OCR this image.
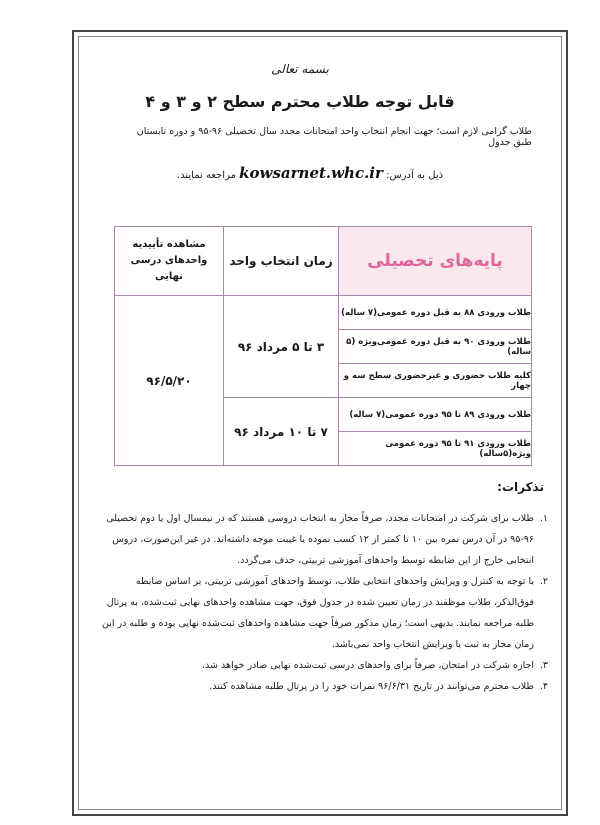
بسمه تعالی
قابل توجه طلاب محترم سطح ۲ و ۳ و ۴
طلاب گرامی لازم است؛ جهت انجام انتخاب واحد امتحانات مجدد سال تحصیلی ۹۶-۹۵ و دوره تابستان طبق جدول
ذیل به آدرس: kowsarnet.whc.ir مراجعه نمایند.
مشاهده تأییدیه واحدهای درسی نهایی	زمان انتخاب واحد	پایه‌های تحصیلی
۹۶/۵/۲۰	۳ تا ۵ مرداد ۹۶	طلاب ورودی ۸۸ به قبل دوره عمومی(۷ ساله)
		طلاب ورودی ۹۰ به قبل دوره عمومی‌ویژه (۵ ساله)
		کلیه طلاب حضوری و غیرحضوری سطح سه و چهار
	۷ تا ۱۰ مرداد ۹۶	طلاب ورودی ۸۹ تا ۹۵ دوره عمومی(۷ ساله)
		طلاب ورودی ۹۱ تا ۹۵ دوره عمومی ویژه(۵ساله)
تذکرات:
۱.
طلاب برای شرکت در امتحانات مجدد، صرفاً مجاز به انتخاب دروسی هستند که در نیمسال اول یا دوم تحصیلی ۹۶-۹۵ در آن درس نمره بین ۱۰ تا کمتر از ۱۲ کسب نموده یا غیبت موجه داشته‌اند. در غیر این‌صورت، دروس انتخابی خارج از این ضابطه توسط واحدهای آموزشی تربیتی، حذف می‌گردد.
۲.
با توجه به کنترل و ویرایش واحدهای انتخابی طلاب، توسط واحدهای آموزشی تربیتی، بر اساس ضابطه فوق‌الذکر، طلاب موظفند در زمان تعیین شده در جدول فوق، جهت مشاهده واحدهای نهایی ثبت‌شده، به پرتال طلبه مراجعه نمایند. بدیهی است؛ زمان مذکور صرفاً جهت مشاهده واحدهای ثبت‌شده نهایی بوده و طلبه در این زمان مجاز به ثبت یا ویرایش انتخاب واحد نمی‌باشد.
۳.
اجازه شرکت در امتحان، صرفاً برای واحدهای درسی ثبت‌شده نهایی صادر خواهد شد.
۴.
طلاب محترم می‌توانند در تاریخ ۹۶/۶/۳۱ نمرات خود را در پرتال طلبه مشاهده کنند.
